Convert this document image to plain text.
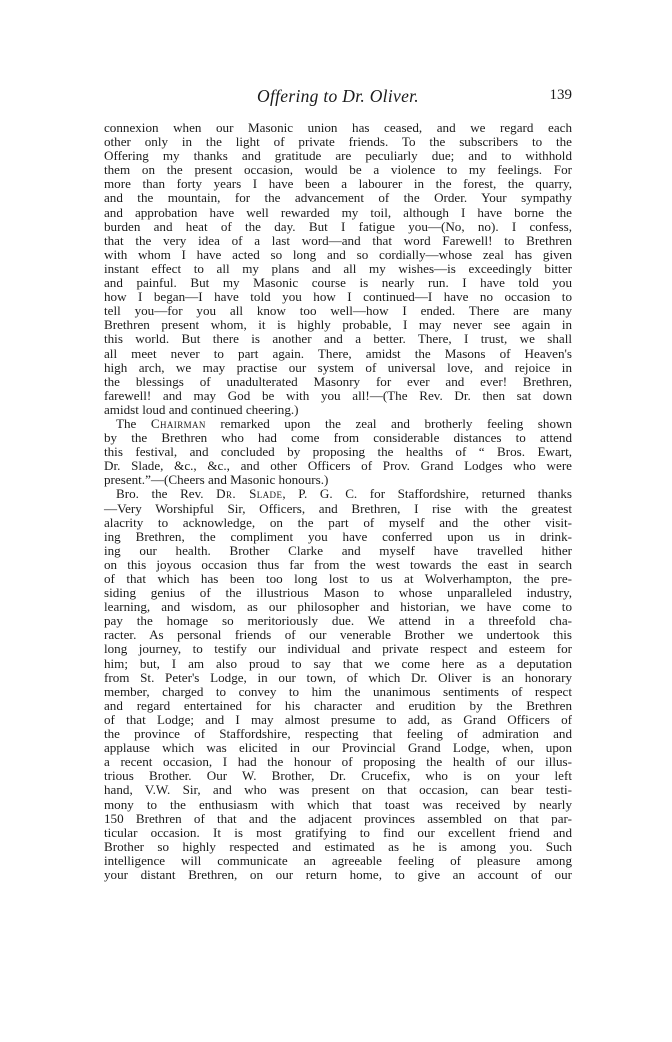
Offering to Dr. Oliver.	139
connexion when our Masonic union has ceased, and we regard each
other only in the light of private friends. To the subscribers to the
Offering my thanks and gratitude are peculiarly due; and to withhold
them on the present occasion, would be a violence to my feelings. For
more than forty years I have been a labourer in the forest, the quarry,
and the mountain, for the advancement of the Order. Your sympathy
and approbation have well rewarded my toil, although I have borne the
burden and heat of the day. But I fatigue you—(No, no). I confess,
that the very idea of a last word—and that word Farewell! to Brethren
with whom I have acted so long and so cordially—whose zeal has given
instant effect to all my plans and all my wishes—is exceedingly bitter
and painful. But my Masonic course is nearly run. I have told you
how I began—I have told you how I continued—I have no occasion to
tell you—for you all know too well—how I ended. There are many
Brethren present whom, it is highly probable, I may never see again in
this world. But there is another and a better. There, I trust, we shall
all meet never to part again. There, amidst the Masons of Heaven's
high arch, we may practise our system of universal love, and rejoice in
the blessings of unadulterated Masonry for ever and ever! Brethren,
farewell! and may God be with you all!—(The Rev. Dr. then sat down
amidst loud and continued cheering.)
The Chairman remarked upon the zeal and brotherly feeling shown
by the Brethren who had come from considerable distances to attend
this festival, and concluded by proposing the healths of “ Bros. Ewart,
Dr. Slade, &c., &c., and other Officers of Prov. Grand Lodges who were
present.”—(Cheers and Masonic honours.)
Bro. the Rev. Dr. Slade, P. G. C. for Staffordshire, returned thanks
—Very Worshipful Sir, Officers, and Brethren, I rise with the greatest
alacrity to acknowledge, on the part of myself and the other visit-
ing Brethren, the compliment you have conferred upon us in drink-
ing our health. Brother Clarke and myself have travelled hither
on this joyous occasion thus far from the west towards the east in search
of that which has been too long lost to us at Wolverhampton, the pre-
siding genius of the illustrious Mason to whose unparalleled industry,
learning, and wisdom, as our philosopher and historian, we have come to
pay the homage so meritoriously due. We attend in a threefold cha-
racter. As personal friends of our venerable Brother we undertook this
long journey, to testify our individual and private respect and esteem for
him; but, I am also proud to say that we come here as a deputation
from St. Peter's Lodge, in our town, of which Dr. Oliver is an honorary
member, charged to convey to him the unanimous sentiments of respect
and regard entertained for his character and erudition by the Brethren
of that Lodge; and I may almost presume to add, as Grand Officers of
the province of Staffordshire, respecting that feeling of admiration and
applause which was elicited in our Provincial Grand Lodge, when, upon
a recent occasion, I had the honour of proposing the health of our illus-
trious Brother. Our W. Brother, Dr. Crucefix, who is on your left
hand, V.W. Sir, and who was present on that occasion, can bear testi-
mony to the enthusiasm with which that toast was received by nearly
150 Brethren of that and the adjacent provinces assembled on that par-
ticular occasion. It is most gratifying to find our excellent friend and
Brother so highly respected and estimated as he is among you. Such
intelligence will communicate an agreeable feeling of pleasure among
your distant Brethren, on our return home, to give an account of our
